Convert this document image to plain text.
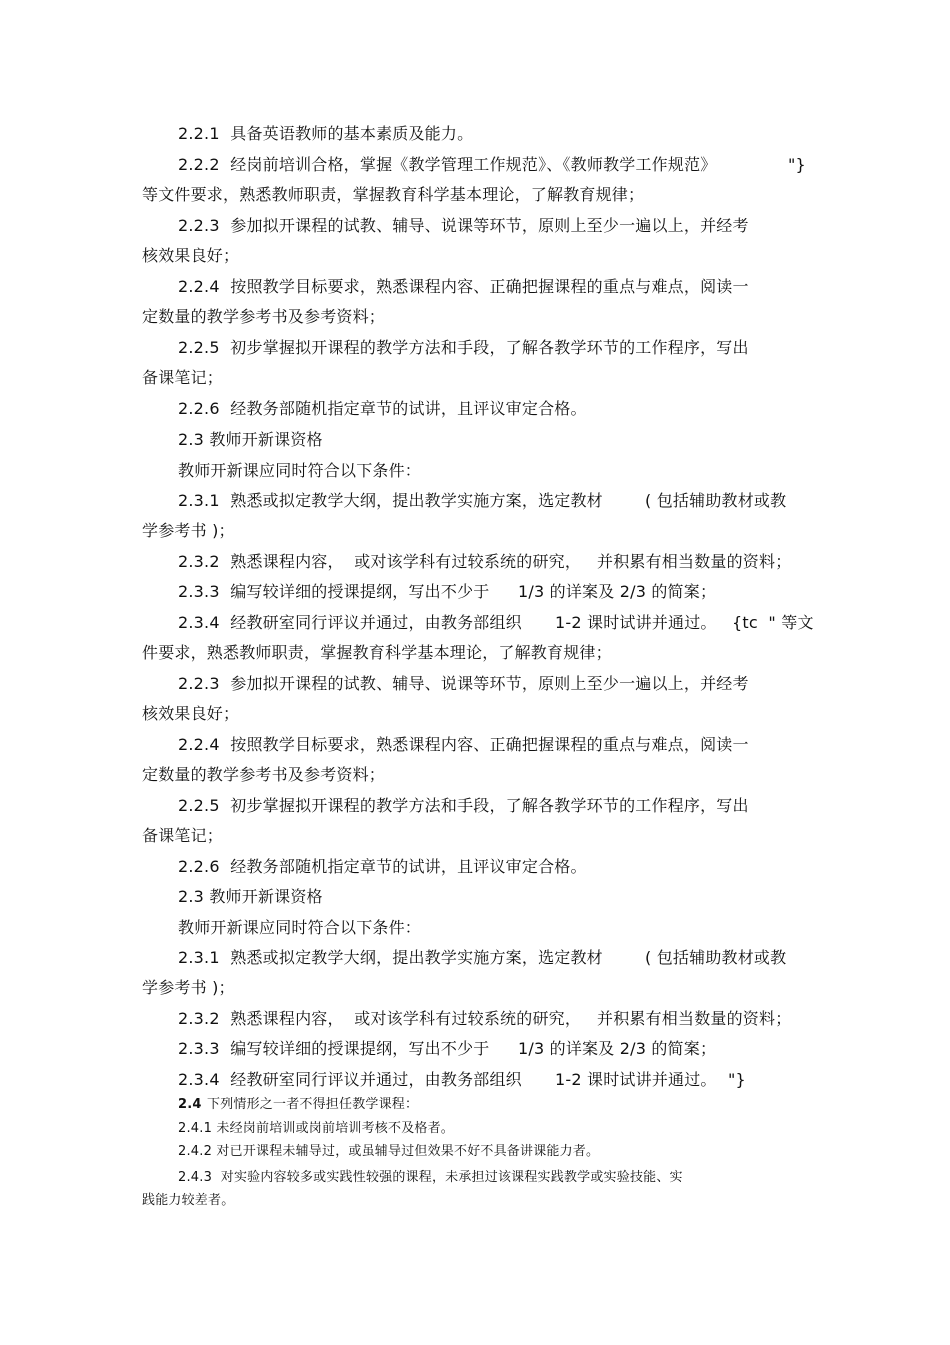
2.2.1  具备英语教师的基本素质及能力。
2.2.2  经岗前培训合格，掌握《教学管理工作规范》、《教师教学工作规范》	"}
等文件要求，熟悉教师职责，掌握教育科学基本理论，了解教育规律；
2.2.3  参加拟开课程的试教、辅导、说课等环节，原则上至少一遍以上，并经考
核效果良好；
2.2.4  按照教学目标要求，熟悉课程内容、正确把握课程的重点与难点，阅读一
定数量的教学参考书及参考资料；
2.2.5  初步掌握拟开课程的教学方法和手段，了解各教学环节的工作程序，写出
备课笔记；
2.2.6  经教务部随机指定章节的试讲，且评议审定合格。
2.3 教师开新课资格
教师开新课应同时符合以下条件：
2.3.1  熟悉或拟定教学大纲，提出教学实施方案，选定教材	( 包括辅助教材或教
学参考书 )；
2.3.2  熟悉课程内容，  或对该学科有过较系统的研究， 并积累有相当数量的资料；
2.3.3  编写较详细的授课提纲，写出不少于 1/3 的详案及 2/3 的简案；
2.3.4  经教研室同行评议并通过，由教务部组织 1-2 课时试讲并通过。 {tc  " 等文
件要求，熟悉教师职责，掌握教育科学基本理论，了解教育规律；
2.2.3  参加拟开课程的试教、辅导、说课等环节，原则上至少一遍以上，并经考
核效果良好；
2.2.4  按照教学目标要求，熟悉课程内容、正确把握课程的重点与难点，阅读一
定数量的教学参考书及参考资料；
2.2.5  初步掌握拟开课程的教学方法和手段，了解各教学环节的工作程序，写出
备课笔记；
2.2.6  经教务部随机指定章节的试讲，且评议审定合格。
2.3 教师开新课资格
教师开新课应同时符合以下条件：
2.3.1  熟悉或拟定教学大纲，提出教学实施方案，选定教材	( 包括辅助教材或教
学参考书 )；
2.3.2  熟悉课程内容，  或对该学科有过较系统的研究， 并积累有相当数量的资料；
2.3.3  编写较详细的授课提纲，写出不少于 1/3 的详案及 2/3 的简案；
2.3.4  经教研室同行评议并通过，由教务部组织 1-2 课时试讲并通过。 "}
2.4 下列情形之一者不得担任教学课程：
2.4.1 未经岗前培训或岗前培训考核不及格者。
2.4.2 对已开课程未辅导过，或虽辅导过但效果不好不具备讲课能力者。
2.4.3  对实验内容较多或实践性较强的课程，未承担过该课程实践教学或实验技能、实
践能力较差者。
